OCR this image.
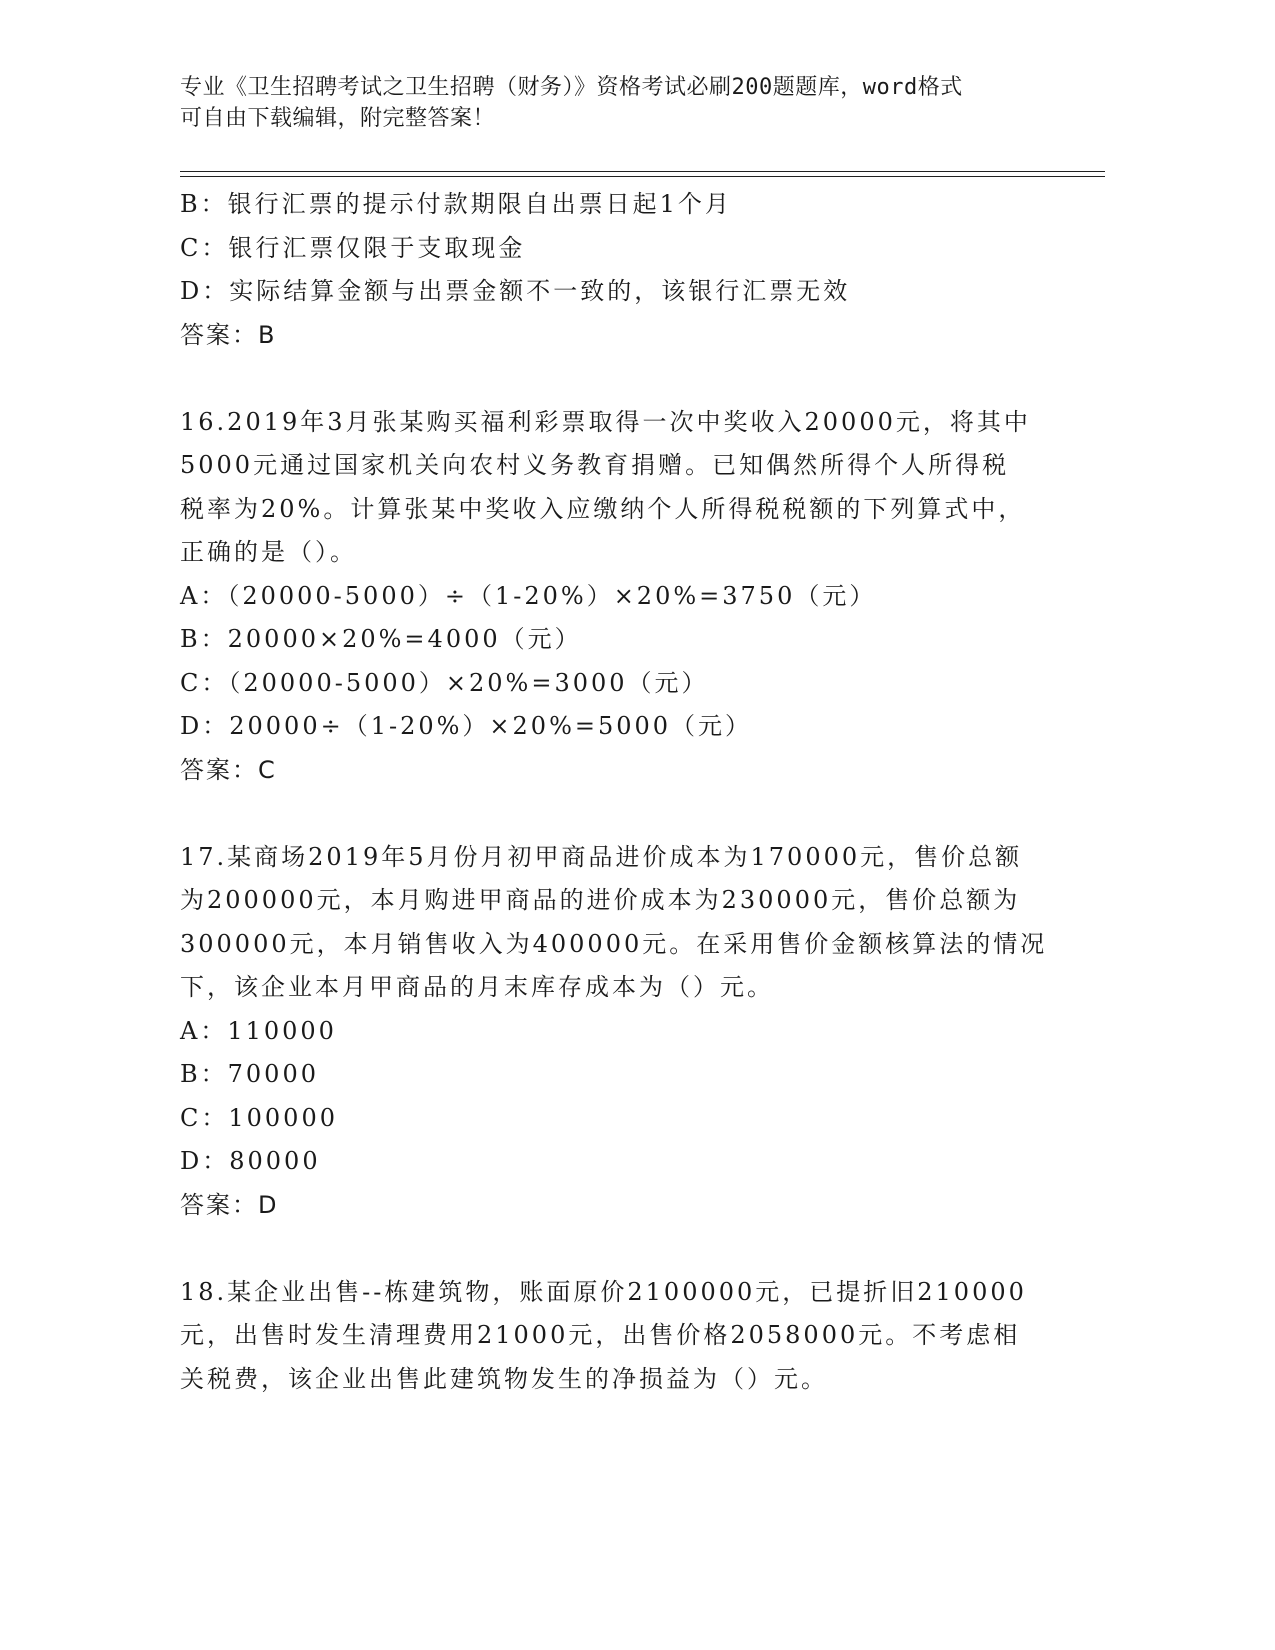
专业《卫生招聘考试之卫生招聘（财务）》资格考试必刷200题题库，word格式
可自由下载编辑，附完整答案！
B：银行汇票的提示付款期限自出票日起1个月
C：银行汇票仅限于支取现金
D：实际结算金额与出票金额不一致的，该银行汇票无效
答案：B
16.2019年3月张某购买福利彩票取得一次中奖收入20000元，将其中
5000元通过国家机关向农村义务教育捐赠。已知偶然所得个人所得税
税率为20%。计算张某中奖收入应缴纳个人所得税税额的下列算式中，
正确的是（）。
A：（20000-5000）÷（1-20%）×20%=3750（元）
B：20000×20%=4000（元）
C：（20000-5000）×20%=3000（元）
D：20000÷（1-20%）×20%=5000（元）
答案：C
17.某商场2019年5月份月初甲商品进价成本为170000元，售价总额
为200000元，本月购进甲商品的进价成本为230000元，售价总额为
300000元，本月销售收入为400000元。在采用售价金额核算法的情况
下，该企业本月甲商品的月末库存成本为（）元。
A：110000
B：70000
C：100000
D：80000
答案：D
18.某企业出售--栋建筑物，账面原价2100000元，已提折旧210000
元，出售时发生清理费用21000元，出售价格2058000元。不考虑相
关税费，该企业出售此建筑物发生的净损益为（）元。
